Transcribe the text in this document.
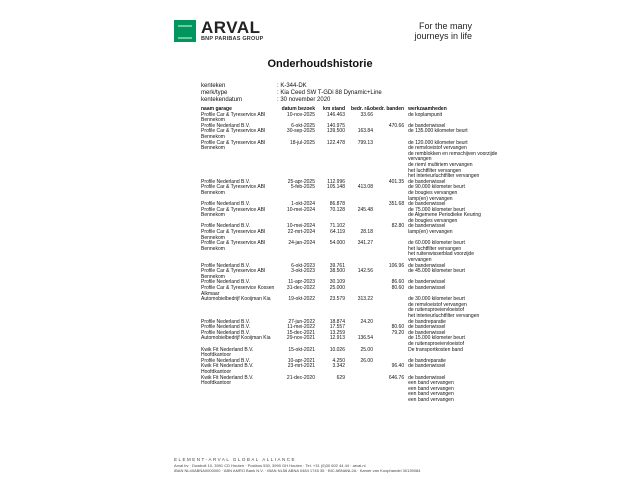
ARVAL
BNP PARIBAS GROUP
For the many
journeys in life
Onderhoudshistorie
kenteken	: K-344-DK
merk/type	: Kia Ceed SW T-GDi 88 Dynamic+Line
kentekendatum	: 30 november 2020
naam garage	datum bezoek	km stand	bedr. r&o	bedr. banden	werkzaamheden

Profile Car & Tyreservice ABI
Bennekom	10-nov-2025	146.463	33.66		de koplampunit

Profile Nederland B.V.	6-okt-2025	140.975		470.66	de bandenwissel

Profile Car & Tyreservice ABI
Bennekom	30-sep-2025	139.500	163.84		de 135.000 kilometer beurt

Profile Car & Tyreservice ABI
Bennekom
	18-jul-2025	122.478	799.13		de 120.000 kilometer beurt
de remvloeistof vervangen
de remblokken en remschijven voorzijde
vervangen
de riem/ multiriem vervangen
het luchtfilter vervangen
het interieurluchtfilter vervangen

Profile Nederland B.V.	25-apr-2025	112.996		401.35	de bandenwissel

Profile Car & Tyreservice ABI
Bennekom
	5-feb-2025	105.148	413.08		de 90.000 kilometer beurt
de bougies vervangen
lamp(en) vervangen

Profile Nederland B.V.	1-okt-2024	86.878		351.68	de bandenwissel

Profile Car & Tyreservice ABI
Bennekom
	10-mei-2024	70.128	245.48		de 75.000 kilometer beurt
de Algemene Periodieke Keuring
de bougies vervangen

Profile Nederland B.V.	10-mei-2024	71.102		82.80	de bandenwissel

Profile Car & Tyreservice ABI
Bennekom	22-mrt-2024	64.119	28.18		lamp(en) vervangen

Profile Car & Tyreservice ABI
Bennekom
	24-jan-2024	54.000	341.27		de 60.000 kilometer beurt
het luchtfilter vervangen
het ruitenwisserblad voorzijde
vervangen

Profile Nederland B.V.	6-okt-2023	39.761		106.96	de bandenwissel

Profile Car & Tyreservice ABI
Bennekom	3-okt-2023	38.500	142.56		de 45.000 kilometer beurt

Profile Nederland B.V.	11-apr-2023	30.109		86.60	de bandenwissel

Profile Car & Tyreservice Kossen
Alkmaar	31-dec-2022	25.000		80.60	de bandenwissel

Automobielbedrijf Kooijman Kia	19-okt-2022	23.579	313.22		de 30.000 kilometer beurt
de remvloeistof vervangen
de ruitensproeiervloeistof
het interieurluchtfilter vervangen

Profile Nederland B.V.	27-jun-2022	18.874	24.20		de bandreparatie

Profile Nederland B.V.	11-mei-2022	17.557		80.60	de bandenwissel

Profile Nederland B.V.	15-dec-2021	13.259		79.20	de bandenwissel

Automobielbedrijf Kooijman Kia	29-nov-2021	12.913	136.54		de 15.000 kilometer beurt
de ruitensproeiervloeistof

Kwik Fit Nederland B.V.
Hoofdkantoor	15-okt-2021	10.026	25.00		De transportkosten band

Profile Nederland B.V.	10-apr-2021	4.250	26.00		de bandreparatie

Kwik Fit Nederland B.V.
Hoofdkantoor	23-mrt-2021	3.342		96.40	de bandenwissel

Kwik Fit Nederland B.V.
Hoofdkantoor
	21-dec-2020	629		646.76	de bandenwissel
een band vervangen
een band vervangen
een band vervangen
een band vervangen
ELEMENT-ARVAL GLOBAL ALLIANCE
Arval bv · Dowbolt 10, 3991 CD Houten · Postbus 530, 3990 GH Houten · Tel. +31 (0)30 602 44 44 · arval.nl
IBAN NL40ABNA0000000 · ABN AMRO Bank N.V. · IBAN NL56 ABNA 0484 1745 35 · BIC ABNANL2A · Kamer van Koophandel 30139084
